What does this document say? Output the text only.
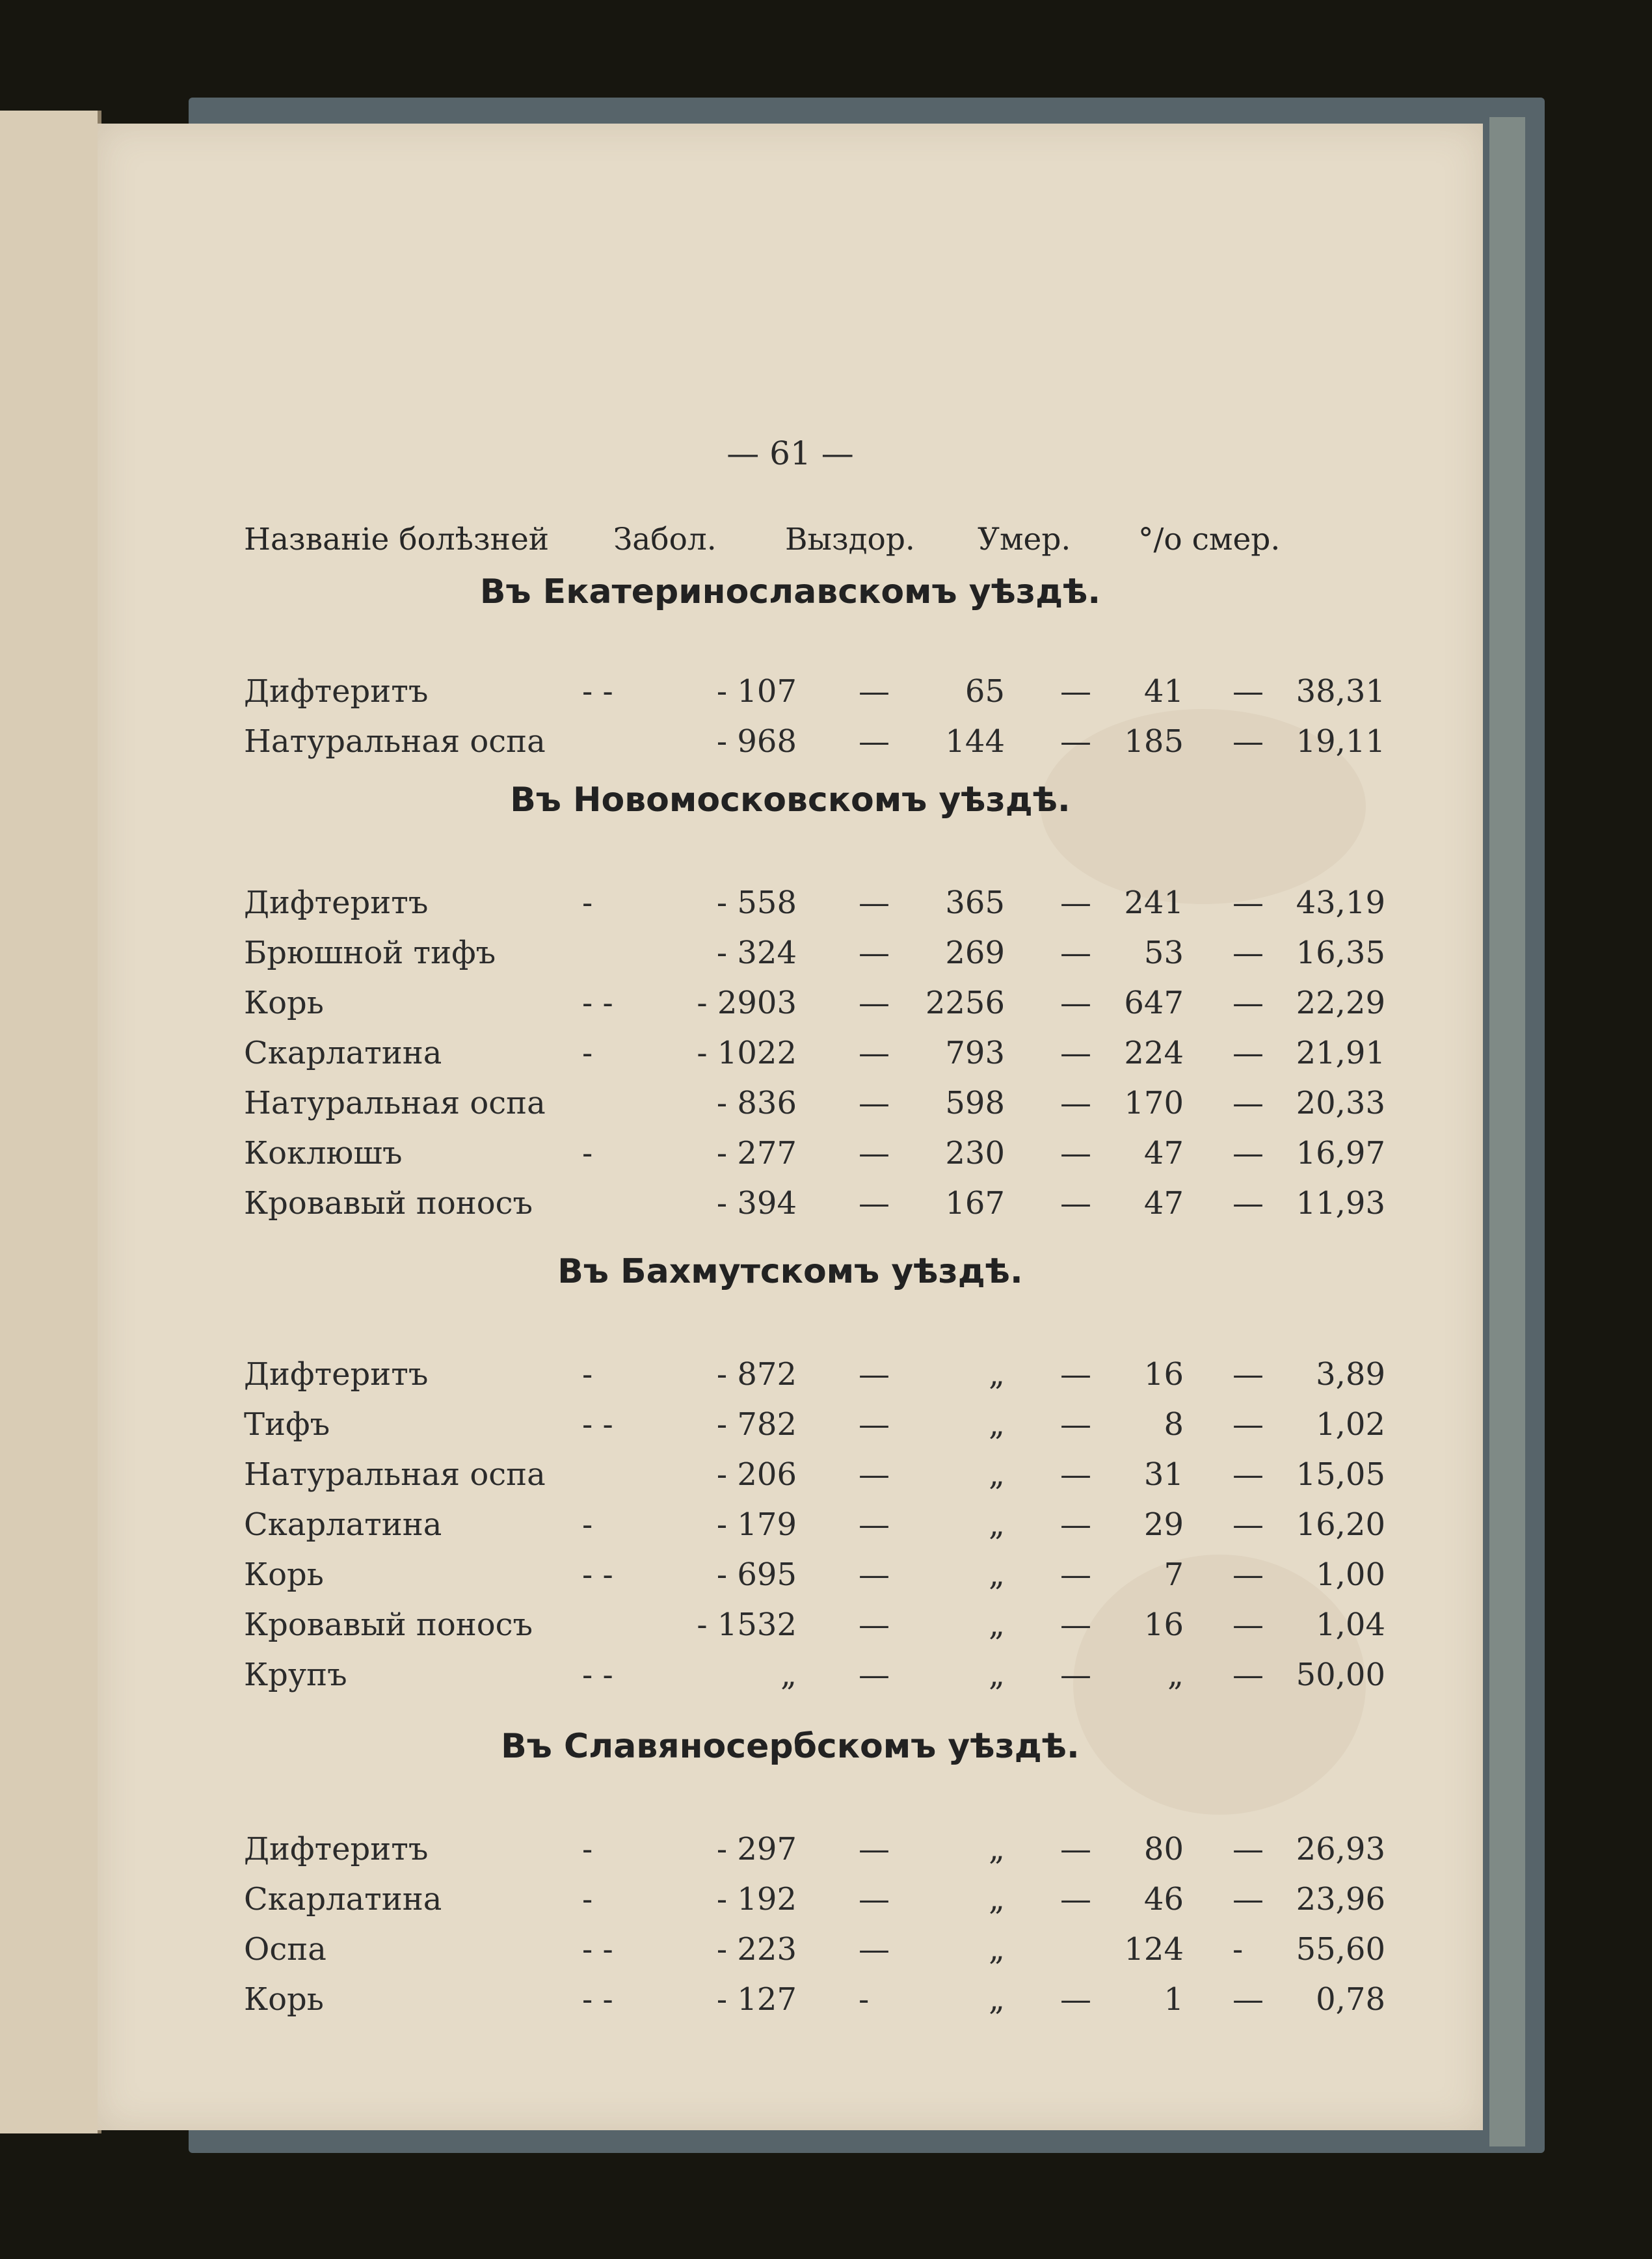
— 61 —
Названіе болѣзней Забол. Выздор. Умер. °/о смер.
Въ Екатеринославскомъ уѣздѣ.
Дифтеритъ	- -	- 107 — 65 — 41 — 38,31
Натуральная оспа	- 968 — 144 — 185 — 19,11
Въ Новомосковскомъ уѣздѣ.
Дифтеритъ	-	- 558 — 365 — 241 — 43,19
Брюшной тифъ	- 324 — 269 — 53 — 16,35
Корь	- -	- 2903 — 2256 — 647 — 22,29
Скарлатина	-	- 1022 — 793 — 224 — 21,91
Натуральная оспа	- 836 — 598 — 170 — 20,33
Коклюшъ	-	- 277 — 230 — 47 — 16,97
Кровавый поносъ	- 394 — 167 — 47 — 11,93
Въ Бахмутскомъ уѣздѣ.
Дифтеритъ	-	- 872 —	„ — 16 — 3,89
Тифъ	- -	- 782 —	„ — 8 — 1,02
Натуральная оспа	- 206 —	„ — 31 — 15,05
Скарлатина	-	- 179 —	„ — 29 — 16,20
Корь	- -	- 695 —	„ — 7 — 1,00
Кровавый поносъ	- 1532 —	„ — 16 — 1,04
Крупъ	- -	„ —	„ — „ — 50,00
Въ Славяносербскомъ уѣздѣ.
Дифтеритъ	-	- 297 —	„ — 80 — 26,93
Скарлатина	-	- 192 —	„ — 46 — 23,96
Оспа	- -	- 223 —	„	124 - 55,60
Корь	- -	- 127 -	„ — 1 — 0,78
